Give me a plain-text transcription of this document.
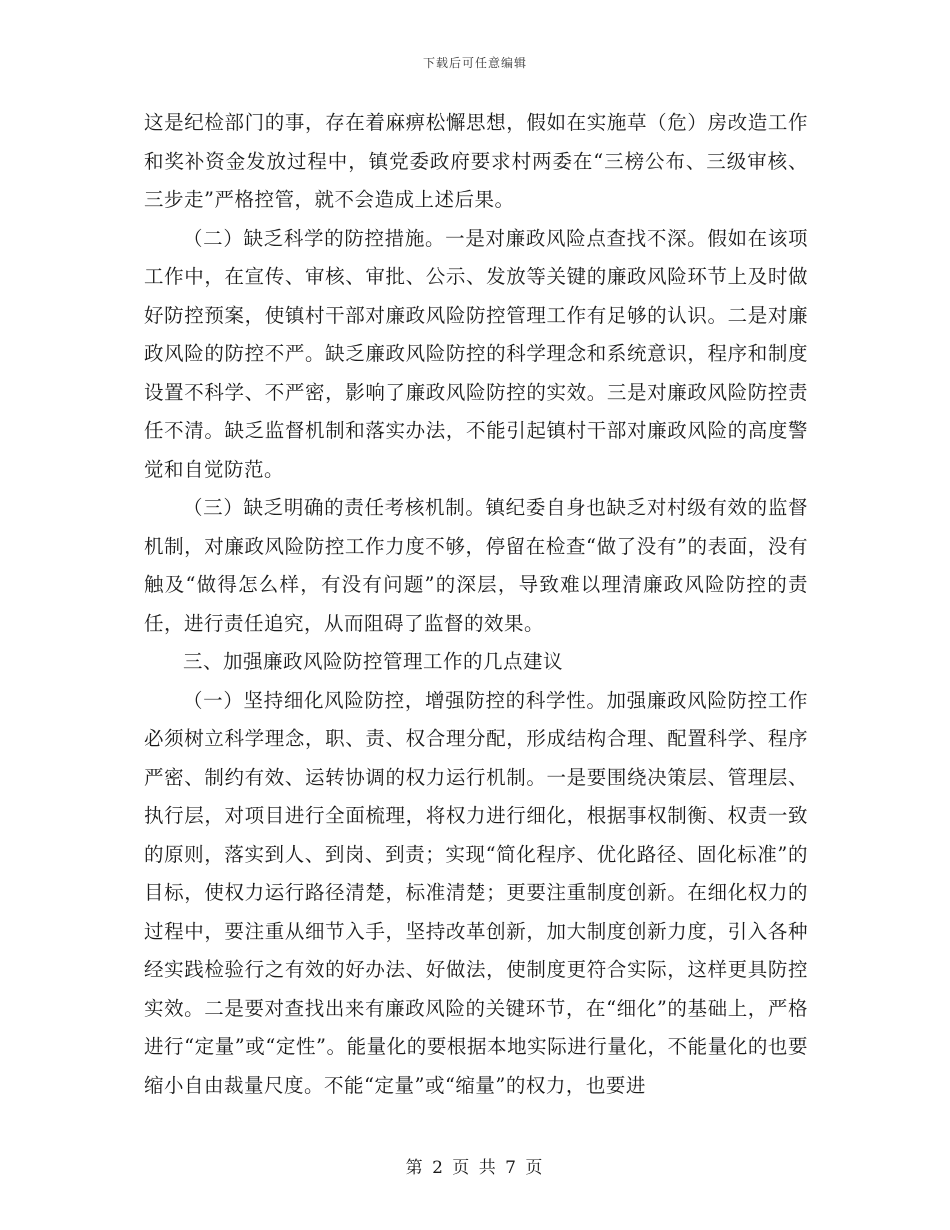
下载后可任意编辑

这是纪检部门的事，存在着麻痹松懈思想，假如在实施草（危）房改造工作和奖补资金发放过程中，镇党委政府要求村两委在“三榜公布、三级审核、三步走”严格控管，就不会造成上述后果。

（二）缺乏科学的防控措施。一是对廉政风险点查找不深。假如在该项工作中，在宣传、审核、审批、公示、发放等关键的廉政风险环节上及时做好防控预案，使镇村干部对廉政风险防控管理工作有足够的认识。二是对廉政风险的防控不严。缺乏廉政风险防控的科学理念和系统意识，程序和制度设置不科学、不严密，影响了廉政风险防控的实效。三是对廉政风险防控责任不清。缺乏监督机制和落实办法，不能引起镇村干部对廉政风险的高度警觉和自觉防范。

（三）缺乏明确的责任考核机制。镇纪委自身也缺乏对村级有效的监督机制，对廉政风险防控工作力度不够，停留在检查“做了没有”的表面，没有触及“做得怎么样，有没有问题”的深层，导致难以理清廉政风险防控的责任，进行责任追究，从而阻碍了监督的效果。

三、加强廉政风险防控管理工作的几点建议

（一）坚持细化风险防控，增强防控的科学性。加强廉政风险防控工作必须树立科学理念，职、责、权合理分配，形成结构合理、配置科学、程序严密、制约有效、运转协调的权力运行机制。一是要围绕决策层、管理层、执行层，对项目进行全面梳理，将权力进行细化，根据事权制衡、权责一致的原则，落实到人、到岗、到责；实现“简化程序、优化路径、固化标准”的目标，使权力运行路径清楚，标准清楚；更要注重制度创新。在细化权力的过程中，要注重从细节入手，坚持改革创新，加大制度创新力度，引入各种经实践检验行之有效的好办法、好做法，使制度更符合实际，这样更具防控实效。二是要对查找出来有廉政风险的关键环节，在“细化”的基础上，严格进行“定量”或“定性”。能量化的要根据本地实际进行量化，不能量化的也要缩小自由裁量尺度。不能“定量”或“缩量”的权力，也要进

第 2 页 共 7 页
